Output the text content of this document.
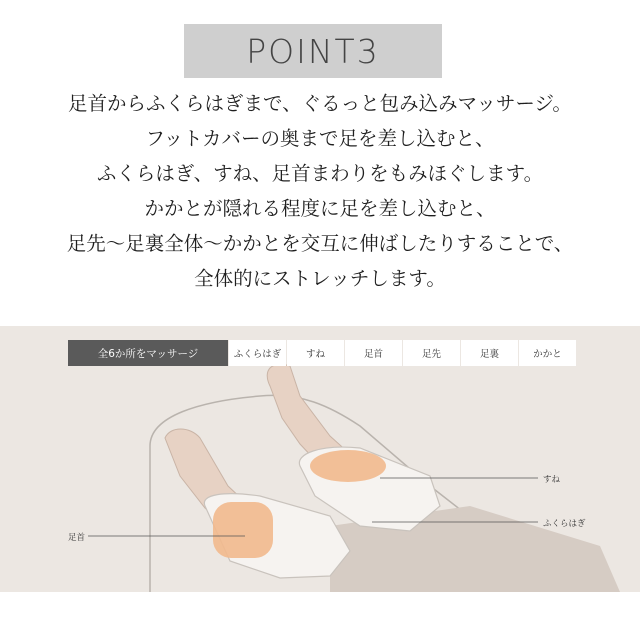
POINT3
足首からふくらはぎまで、ぐるっと包み込みマッサージ。
フットカバーの奥まで足を差し込むと、
ふくらはぎ、すね、足首まわりをもみほぐします。
かかとが隠れる程度に足を差し込むと、
足先〜足裏全体〜かかとを交互に伸ばしたりすることで、
全体的にストレッチします。
全6か所をマッサージ	ふくらはぎ	すね	足首	足先	足裏	かかと
すね
ふくらはぎ
足首
